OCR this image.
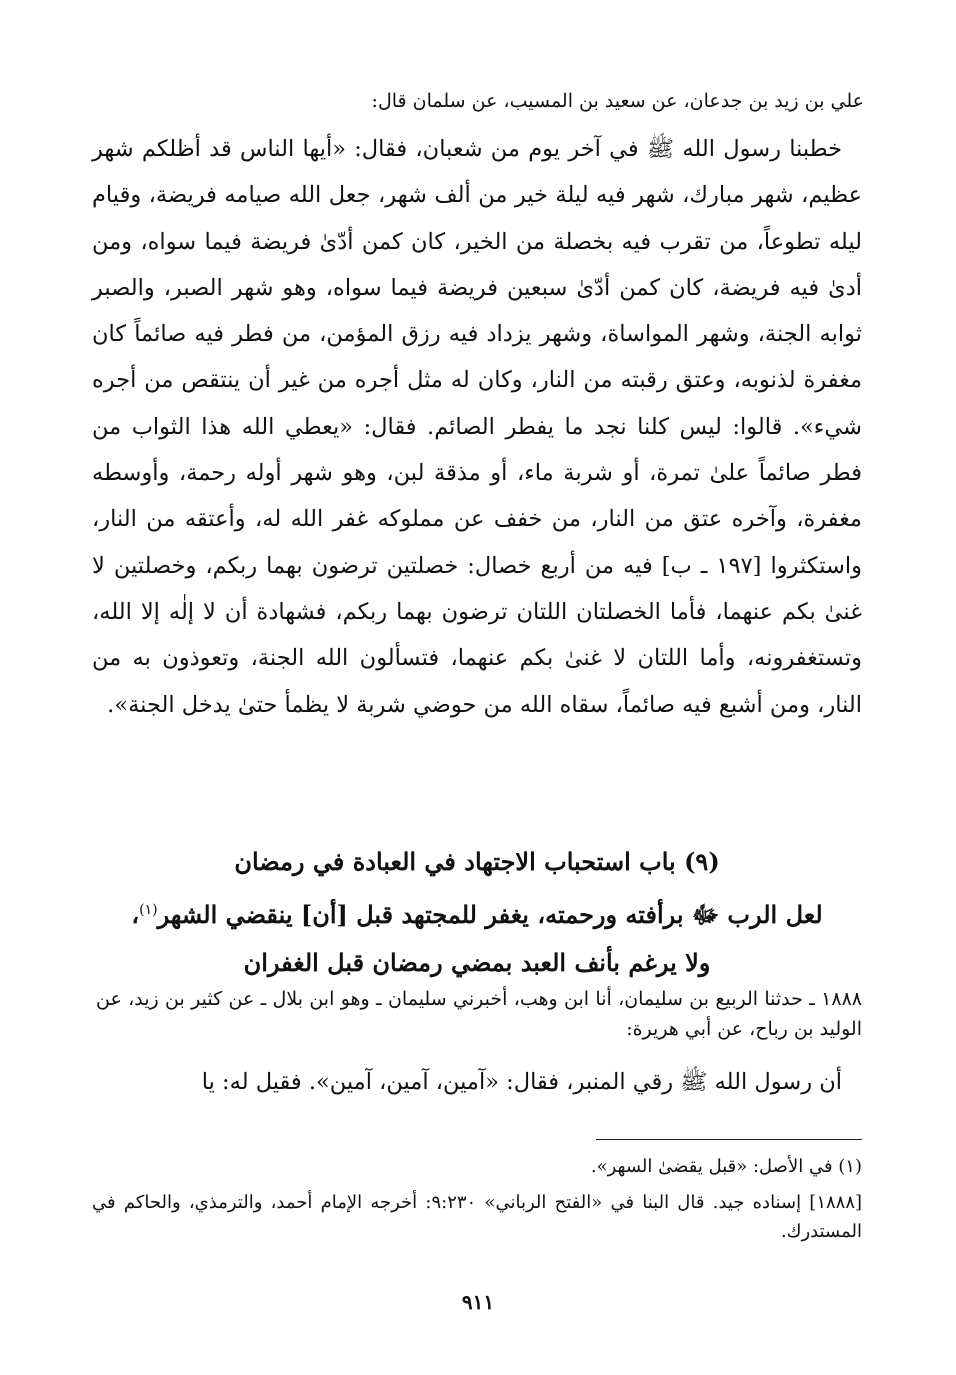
علي بن زيد بن جدعان، عن سعيد بن المسيب، عن سلمان قال:

خطبنا رسول الله ﷺ في آخر يوم من شعبان، فقال: «أيها الناس قد أظلكم شهر عظيم، شهر مبارك، شهر فيه ليلة خير من ألف شهر، جعل الله صيامه فريضة، وقيام ليله تطوعاً، من تقرب فيه بخصلة من الخير، كان كمن أدّىٰ فريضة فيما سواه، ومن أدىٰ فيه فريضة، كان كمن أدّىٰ سبعين فريضة فيما سواه، وهو شهر الصبر، والصبر ثوابه الجنة، وشهر المواساة، وشهر يزداد فيه رزق المؤمن، من فطر فيه صائماً كان مغفرة لذنوبه، وعتق رقبته من النار، وكان له مثل أجره من غير أن ينتقص من أجره شيء». قالوا: ليس كلنا نجد ما يفطر الصائم. فقال: «يعطي الله هذا الثواب من فطر صائماً علىٰ تمرة، أو شربة ماء، أو مذقة لبن، وهو شهر أوله رحمة، وأوسطه مغفرة، وآخره عتق من النار، من خفف عن مملوكه غفر الله له، وأعتقه من النار، واستكثروا [١٩٧ ـ ب] فيه من أربع خصال: خصلتين ترضون بهما ربكم، وخصلتين لا غنىٰ بكم عنهما، فأما الخصلتان اللتان ترضون بهما ربكم، فشهادة أن لا إلٰه إلا الله، وتستغفرونه، وأما اللتان لا غنىٰ بكم عنهما، فتسألون الله الجنة، وتعوذون به من النار، ومن أشبع فيه صائماً، سقاه الله من حوضي شربة لا يظمأ حتىٰ يدخل الجنة».

(٩) باب استحباب الاجتهاد في العبادة في رمضان
لعل الرب ﷻ برأفته ورحمته، يغفر للمجتهد قبل [أن] ينقضي الشهر$^{(١)}$،
ولا يرغم بأنف العبد بمضي رمضان قبل الغفران

١٨٨٨ ـ حدثنا الربيع بن سليمان، أنا ابن وهب، أخبرني سليمان ـ وهو ابن بلال ـ عن كثير بن زيد، عن الوليد بن رباح، عن أبي هريرة:

أن رسول الله ﷺ رقي المنبر، فقال: «آمين، آمين، آمين». فقيل له: يا

(١) في الأصل: «قبل يقضىٰ السهر».

[١٨٨٨] إسناده جيد. قال البنا في «الفتح الرباني» ٩:٢٣٠: أخرجه الإمام أحمد، والترمذي، والحاكم في المستدرك.

٩١١
